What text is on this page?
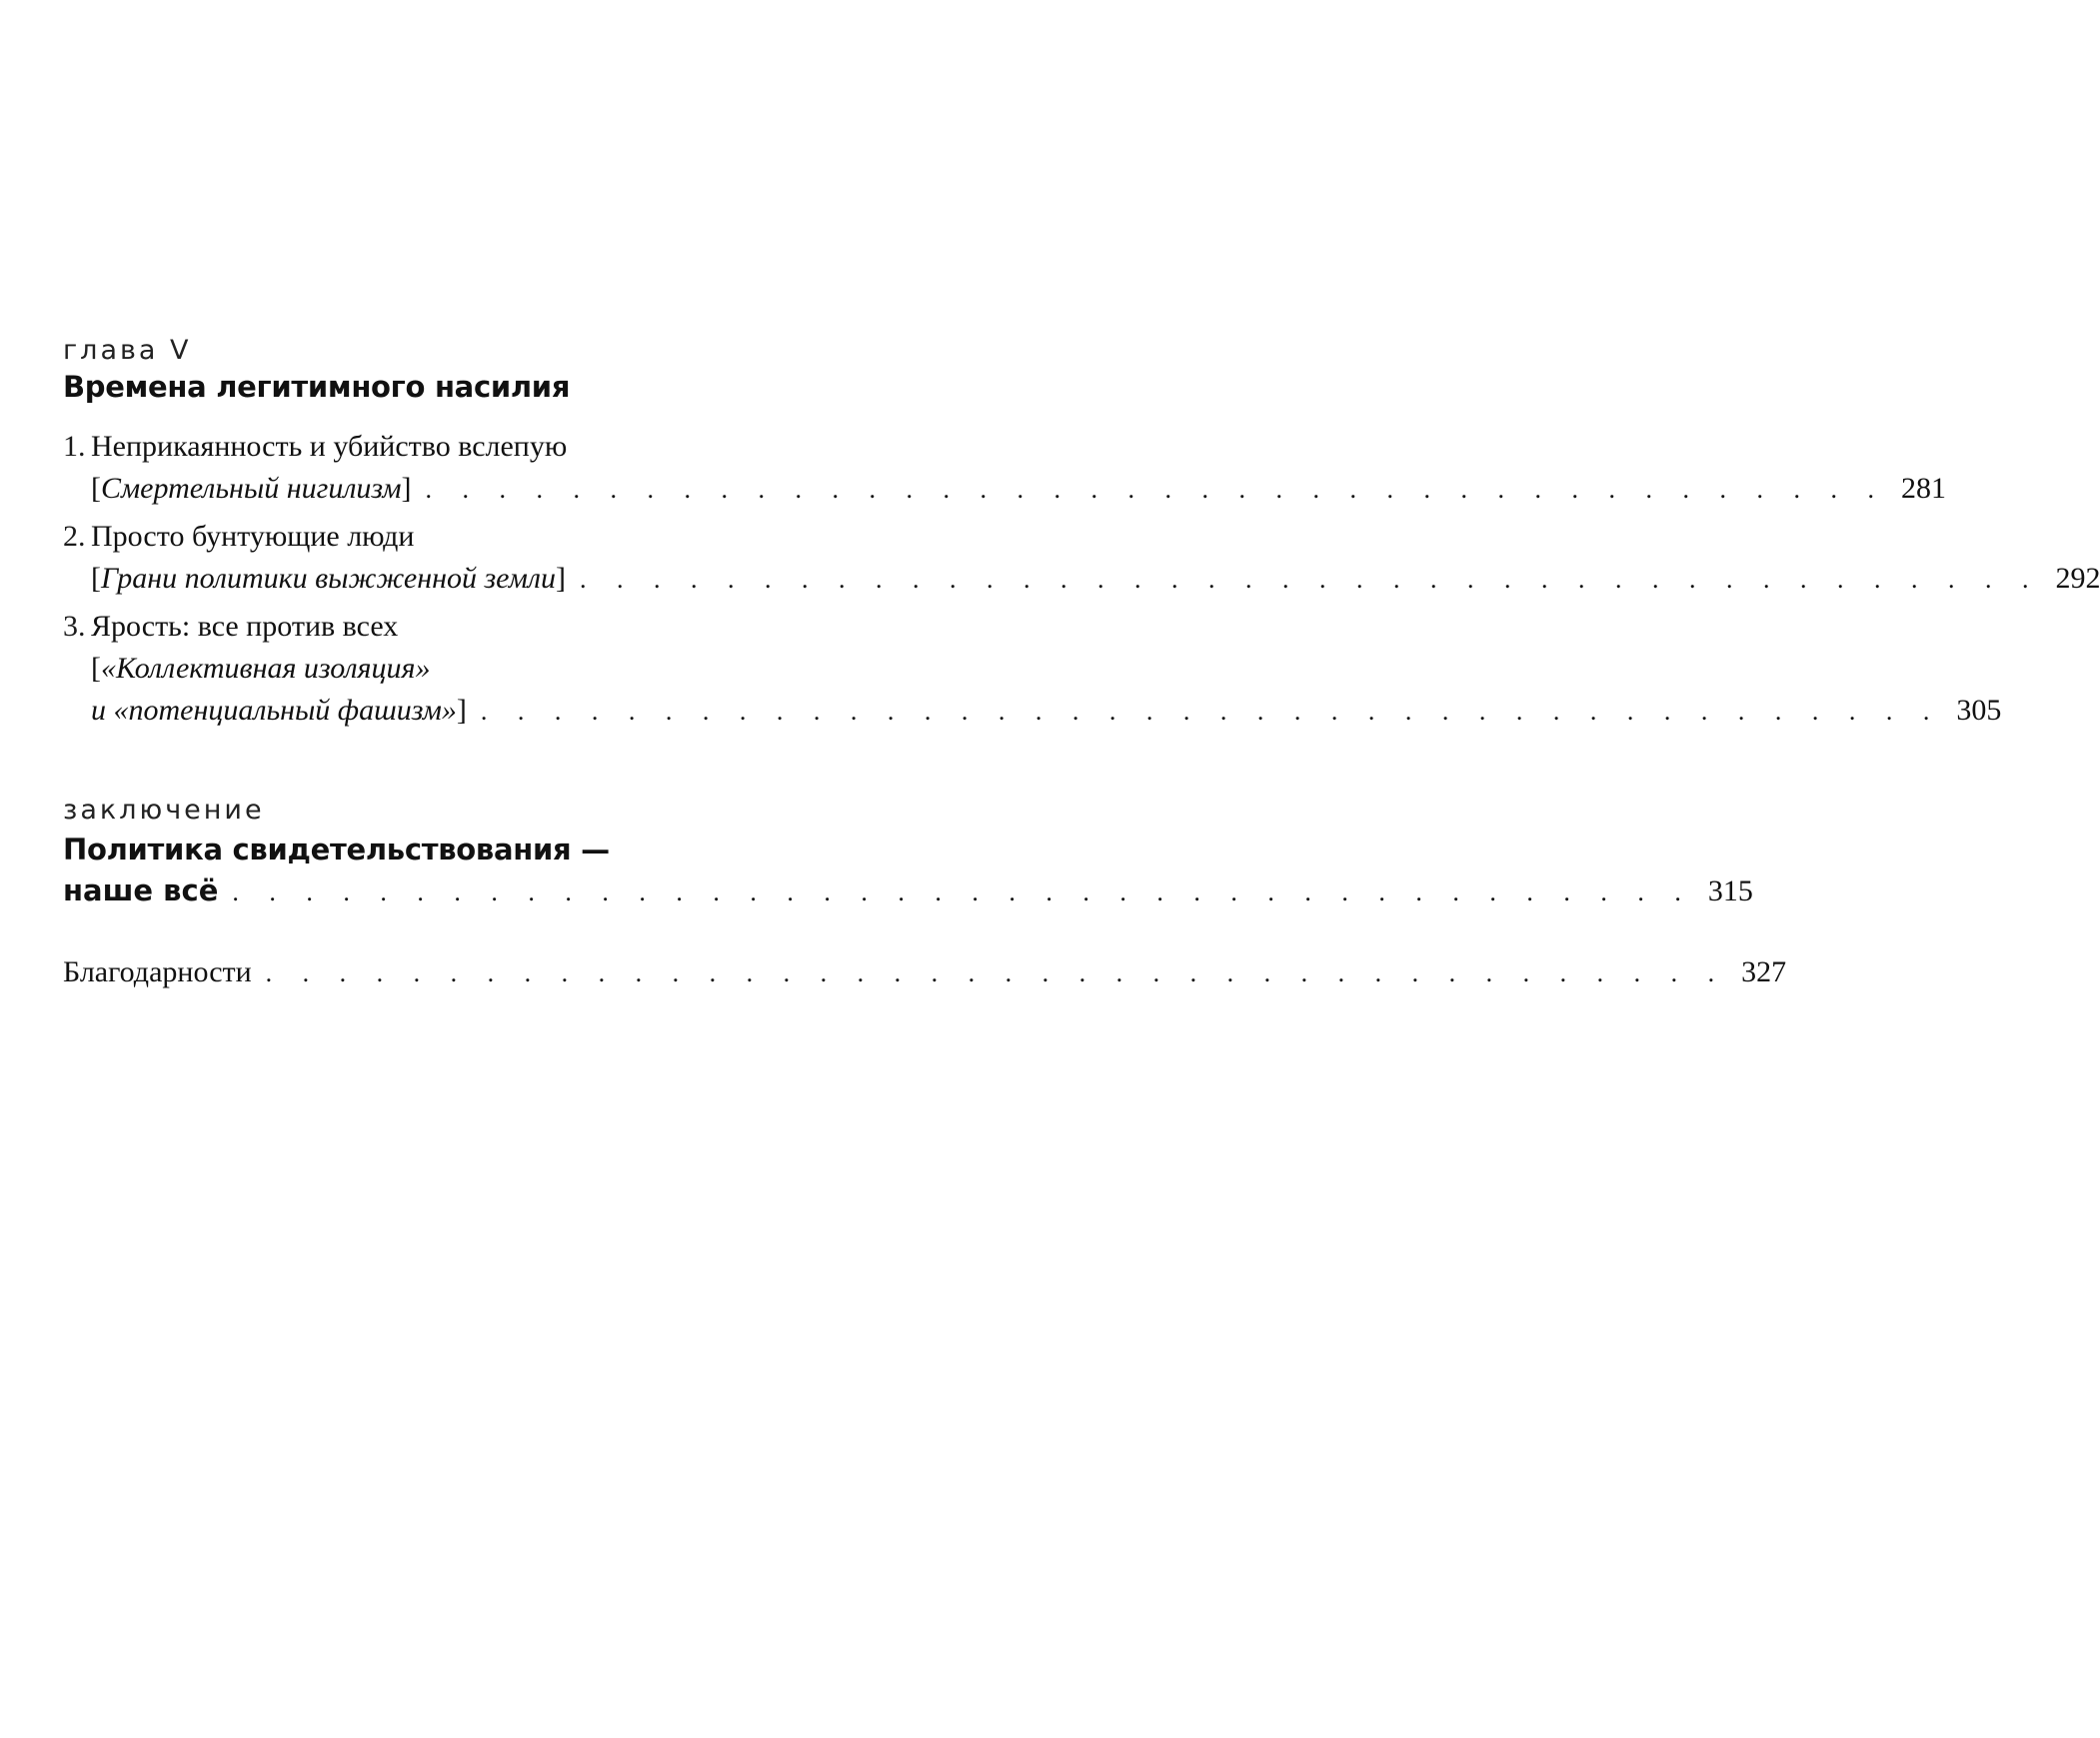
глава V
Времена легитимного насилия
1. Неприкаянность и убийство вслепую
[Смертельный нигилизм] . . . . . . . . . . . . . . . . . . . . . . . . . . . . . . . . . . . . . . . . 281
2. Просто бунтующие люди
[Грани политики выжженной земли] . . . . . . . . . . . . . . . . . . . . . . . . . . . . . . . . . . . . . . . . 292
3. Ярость: все против всех
[«Коллективная изоляция»
и «потенциальный фашизм»] . . . . . . . . . . . . . . . . . . . . . . . . . . . . . . . . . . . . . . . . 305
заключение
Политика свидетельствования —
наше всё . . . . . . . . . . . . . . . . . . . . . . . . . . . . . . . . . . . . . . . . 315
Благодарности . . . . . . . . . . . . . . . . . . . . . . . . . . . . . . . . . . . . . . . . 327
